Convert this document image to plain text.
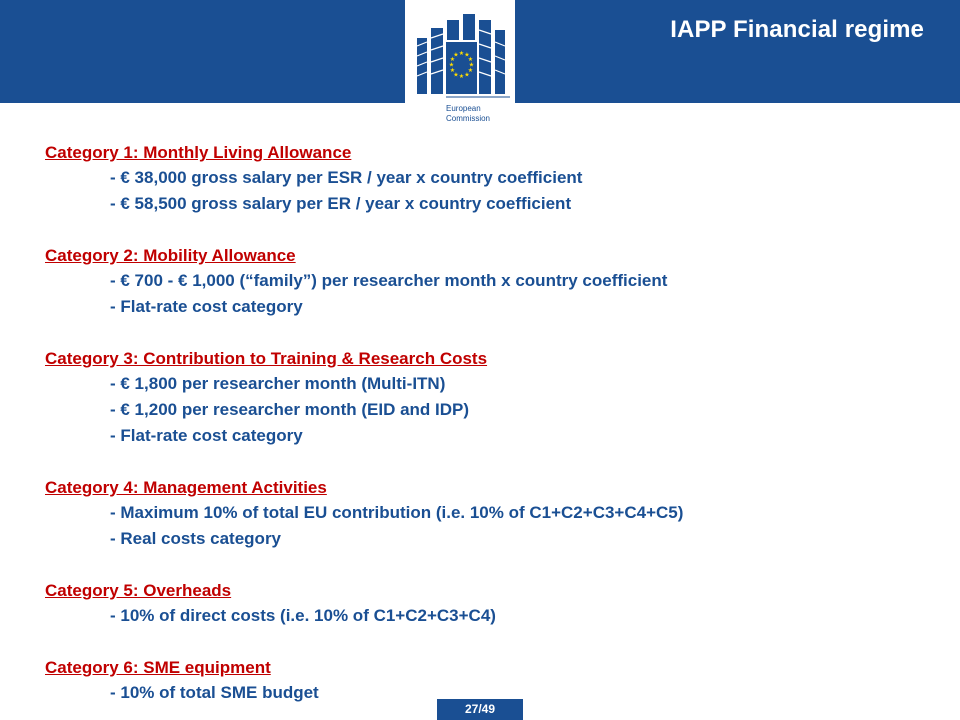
IAPP Financial regime
★ ★
★
★
★
★
★
★
★
★
★
★
European
Commission
Category 1: Monthly Living Allowance
- € 38,000 gross salary per ESR / year x country coefficient
- € 58,500 gross salary per ER / year x country coefficient
Category 2: Mobility Allowance
- € 700 - € 1,000 (“family”) per researcher month x country coefficient
- Flat-rate cost category
Category 3: Contribution to Training & Research Costs
- € 1,800 per researcher month (Multi-ITN)
- € 1,200 per researcher month (EID and IDP)
- Flat-rate cost category
Category 4: Management Activities
- Maximum 10% of total EU contribution (i.e. 10% of C1+C2+C3+C4+C5)
- Real costs category
Category 5: Overheads
- 10% of direct costs (i.e. 10% of C1+C2+C3+C4)
Category 6: SME equipment
- 10% of total SME budget
27/49
